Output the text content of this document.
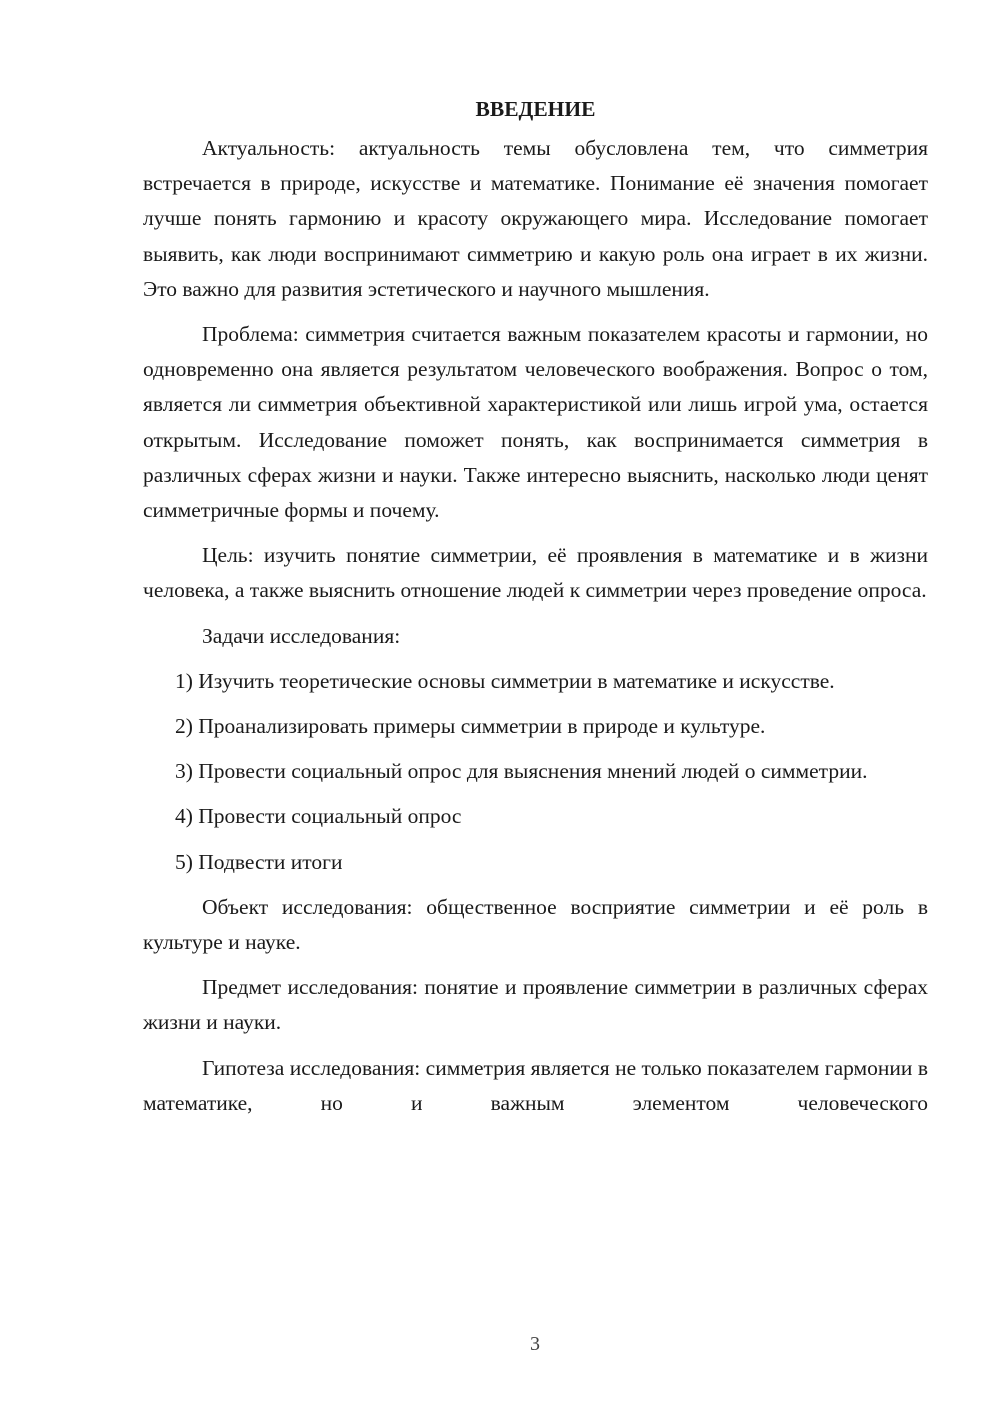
ВВЕДЕНИЕ

Актуальность: актуальность темы обусловлена тем, что симметрия встречается в природе, искусстве и математике. Понимание её значения помогает лучше понять гармонию и красоту окружающего мира. Исследование помогает выявить, как люди воспринимают симметрию и какую роль она играет в их жизни. Это важно для развития эстетического и научного мышления.

Проблема: симметрия считается важным показателем красоты и гармонии, но одновременно она является результатом человеческого воображения. Вопрос о том, является ли симметрия объективной характеристикой или лишь игрой ума, остается открытым. Исследование поможет понять, как воспринимается симметрия в различных сферах жизни и науки. Также интересно выяснить, насколько люди ценят симметричные формы и почему.

Цель: изучить понятие симметрии, её проявления в математике и в жизни человека, а также выяснить отношение людей к симметрии через проведение опроса.

Задачи исследования:

1) Изучить теоретические основы симметрии в математике и искусстве.

2) Проанализировать примеры симметрии в природе и культуре.

3) Провести социальный опрос для выяснения мнений людей о симметрии.

4) Провести социальный опрос

5) Подвести итоги

Объект исследования: общественное восприятие симметрии и её роль в культуре и науке.

Предмет исследования: понятие и проявление симметрии в различных сферах жизни и науки.

Гипотеза исследования: симметрия является не только показателем гармонии в математике, но и важным элементом человеческого

3
